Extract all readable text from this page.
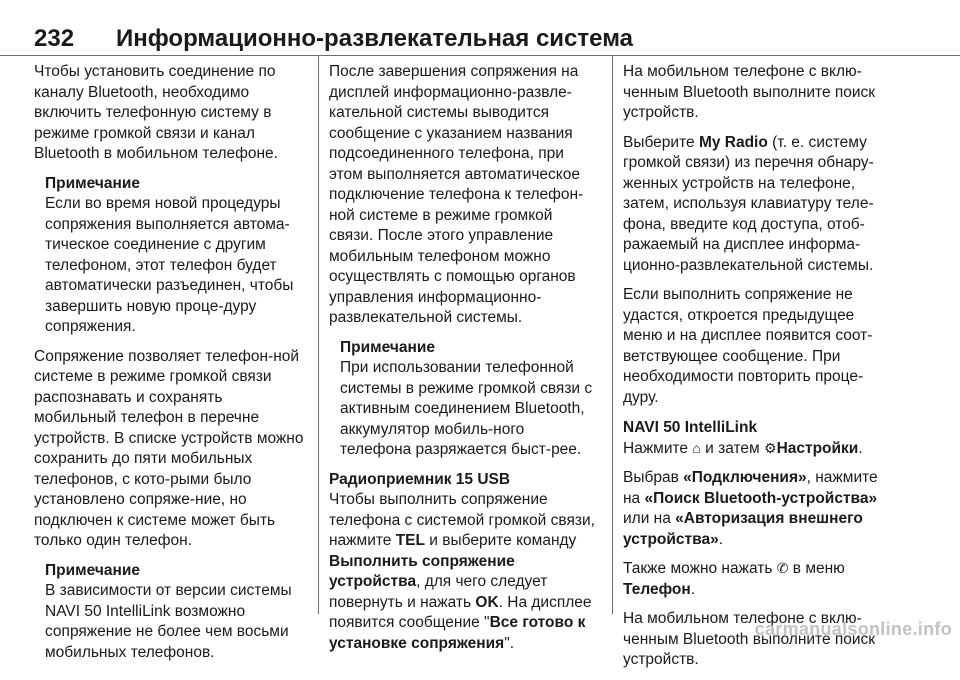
232 Информационно-развлекательная система

Чтобы установить соединение по каналу Bluetooth, необходимо включить телефонную систему в режиме громкой связи и канал Bluetooth в мобильном телефоне.

Примечание
Если во время новой процедуры сопряжения выполняется автома-тическое соединение с другим телефоном, этот телефон будет автоматически разъединен, чтобы завершить новую проце-дуру сопряжения.

Сопряжение позволяет телефон-ной системе в режиме громкой связи распознавать и сохранять мобильный телефон в перечне устройств. В списке устройств можно сохранить до пяти мобильных телефонов, с кото-рыми было установлено сопряже-ние, но подключен к системе может быть только один телефон.

Примечание
В зависимости от версии системы NAVI 50 IntelliLink возможно сопряжение не более чем восьми мобильных телефонов.

После завершения сопряжения на дисплей информационно-развле-кательной системы выводится сообщение с указанием названия подсоединенного телефона, при этом выполняется автоматическое подключение телефона к телефон-ной системе в режиме громкой связи. После этого управление мобильным телефоном можно осуществлять с помощью органов управления информационно-развлекательной системы.

Примечание
При использовании телефонной системы в режиме громкой связи с активным соединением Bluetooth, аккумулятор мобиль-ного телефона разряжается быст-рее.
Радиоприемник 15 USB

Чтобы выполнить сопряжение телефона с системой громкой связи, нажмите TEL и выберите команду Выполнить сопряжение устройства, для чего следует повернуть и нажать OK. На дисплее появится сообщение "Все готово к установке сопряжения".

На мобильном телефоне с вклю-ченным Bluetooth выполните поиск устройств.

Выберите My Radio (т. е. систему громкой связи) из перечня обнару-женных устройств на телефоне, затем, используя клавиатуру теле-фона, введите код доступа, отоб-ражаемый на дисплее информа-ционно-развлекательной системы.

Если выполнить сопряжение не удастся, откроется предыдущее меню и на дисплее появится соот-ветствующее сообщение. При необходимости повторить проце-дуру.

NAVI 50 IntelliLink

Нажмите ⌂ и затем ⚙Настройки.

Выбрав «Подключения», нажмите на «Поиск Bluetooth-устройства» или на «Авторизация внешнего устройства».

Также можно нажать ✆ в меню Телефон.

На мобильном телефоне с вклю-ченным Bluetooth выполните поиск устройств.

carmanualsonline.info
